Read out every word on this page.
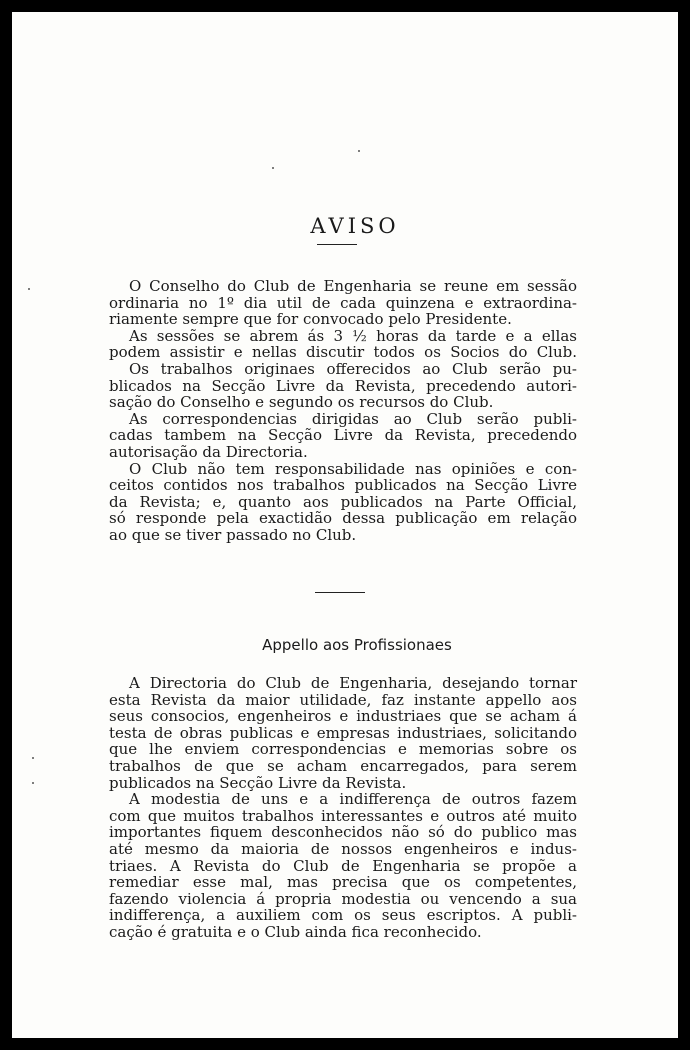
AVISO
O Conselho do Club de Engenharia se reune em sessão
ordinaria no 1º dia util de cada quinzena e extraordina-
riamente sempre que for convocado pelo Presidente.
As sessões se abrem ás 3 ½ horas da tarde e a ellas
podem assistir e nellas discutir todos os Socios do Club.
Os trabalhos originaes offerecidos ao Club serão pu-
blicados na Secção Livre da Revista, precedendo autori-
sação do Conselho e segundo os recursos do Club.
As correspondencias dirigidas ao Club serão publi-
cadas tambem na Secção Livre da Revista, precedendo
autorisação da Directoria.
O Club não tem responsabilidade nas opiniões e con-
ceitos contidos nos trabalhos publicados na Secção Livre
da Revista; e, quanto aos publicados na Parte Official,
só responde pela exactidão dessa publicação em relação
ao que se tiver passado no Club.
Appello aos Profissionaes
A Directoria do Club de Engenharia, desejando tornar
esta Revista da maior utilidade, faz instante appello aos
seus consocios, engenheiros e industriaes que se acham á
testa de obras publicas e empresas industriaes, solicitando
que lhe enviem correspondencias e memorias sobre os
trabalhos de que se acham encarregados, para serem
publicados na Secção Livre da Revista.
A modestia de uns e a indifferença de outros fazem
com que muitos trabalhos interessantes e outros até muito
importantes fiquem desconhecidos não só do publico mas
até mesmo da maioria de nossos engenheiros e indus-
triaes. A Revista do Club de Engenharia se propõe a
remediar esse mal, mas precisa que os competentes,
fazendo violencia á propria modestia ou vencendo a sua
indifferença, a auxiliem com os seus escriptos. A publi-
cação é gratuita e o Club ainda fica reconhecido.
